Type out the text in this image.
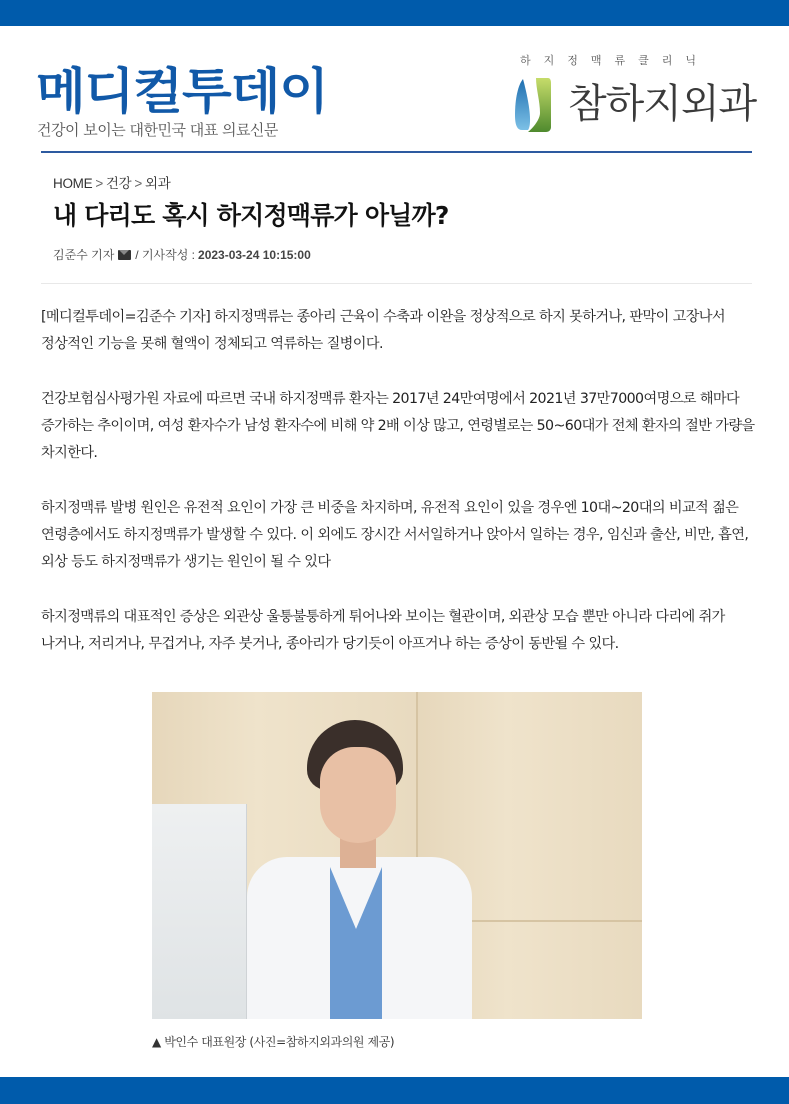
메디컬투데이
건강이 보이는 대한민국 대표 의료신문
하지정맥류클리닉
참하지외과
HOME > 건강 > 외과
내 다리도 혹시 하지정맥류가 아닐까?
김준수 기자 / 기사작성 : 2023-03-24 10:15:00

[메디컬투데이=김준수 기자] 하지정맥류는 종아리 근육이 수축과 이완을 정상적으로 하지 못하거나, 판막이 고장나서 정상적인 기능을 못해 혈액이 정체되고 역류하는 질병이다.

건강보험심사평가원 자료에 따르면 국내 하지정맥류 환자는 2017년 24만여명에서 2021년 37만7000여명으로 해마다 증가하는 추이이며, 여성 환자수가 남성 환자수에 비해 약 2배 이상 많고, 연령별로는 50~60대가 전체 환자의 절반 가량을 차지한다.

하지정맥류 발병 원인은 유전적 요인이 가장 큰 비중을 차지하며, 유전적 요인이 있을 경우엔 10대~20대의 비교적 젊은 연령층에서도 하지정맥류가 발생할 수 있다. 이 외에도 장시간 서서일하거나 앉아서 일하는 경우, 임신과 출산, 비만, 흡연, 외상 등도 하지정맥류가 생기는 원인이 될 수 있다

하지정맥류의 대표적인 증상은 외관상 울퉁불퉁하게 튀어나와 보이는 혈관이며, 외관상 모습 뿐만 아니라 다리에 쥐가 나거나, 저리거나, 무겁거나, 자주 붓거나, 종아리가 당기듯이 아프거나 하는 증상이 동반될 수 있다.

▲ 박인수 대표원장 (사진=참하지외과의원 제공)
